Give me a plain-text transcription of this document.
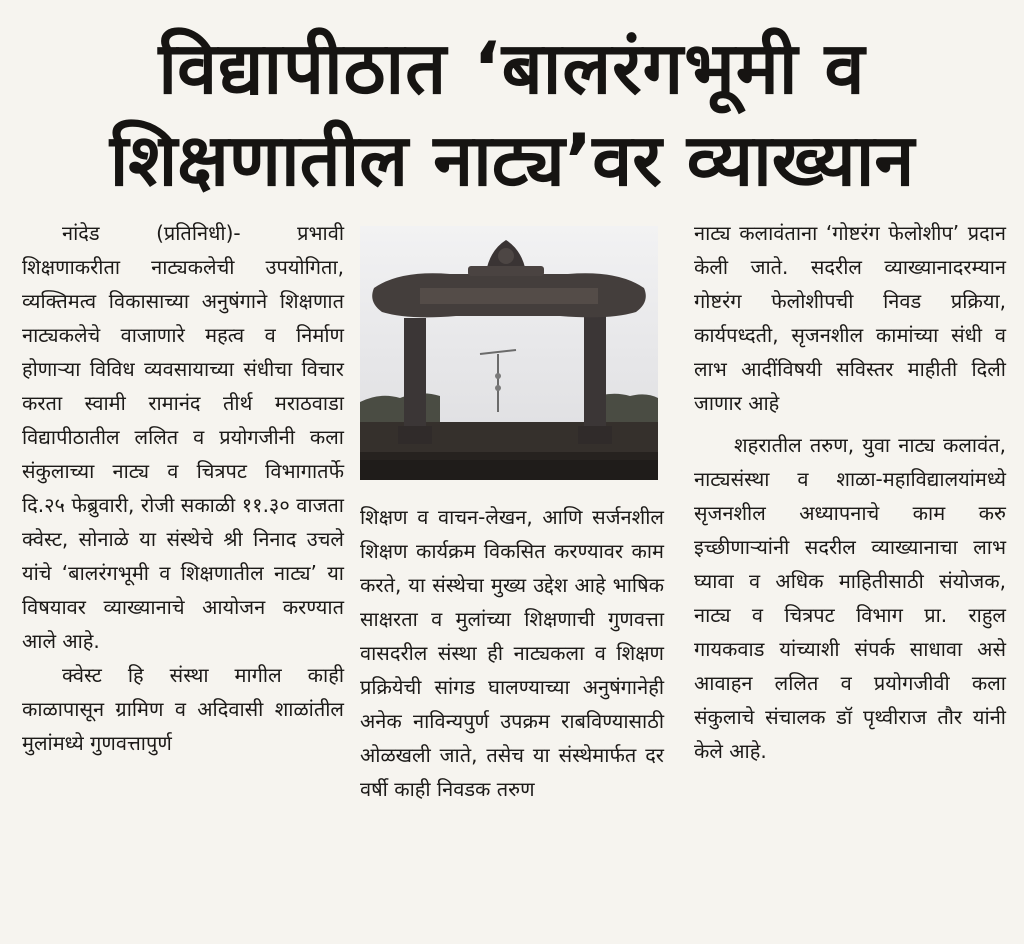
विद्यापीठात ‘बालरंगभूमी व
शिक्षणातील नाट्य’वर व्याख्यान

नांदेड (प्रतिनिधी)- प्रभावी शिक्षणाकरीता नाट्यकलेची उपयोगिता, व्यक्तिमत्व विकासाच्या अनुषंगाने शिक्षणात नाट्यकलेचे वाजाणारे महत्व व निर्माण होणाऱ्या विविध व्यवसायाच्या संधीचा विचार करता स्वामी रामानंद तीर्थ मराठवाडा विद्यापीठातील ललित व प्रयोगजीनी कला संकुलाच्या नाट्य व चित्रपट विभागातर्फे दि.२५ फेब्रुवारी, रोजी सकाळी ११.३० वाजता क्वेस्ट, सोनाळे या संस्थेचे श्री निनाद उचले यांचे ‘बालरंगभूमी व शिक्षणातील नाट्य’ या विषयावर व्याख्यानाचे आयोजन करण्यात आले आहे.

क्वेस्ट हि संस्था मागील काही काळापासून ग्रामिण व अदिवासी शाळांतील मुलांमध्ये गुणवत्तापुर्ण

शिक्षण व वाचन-लेखन, आणि सर्जनशील शिक्षण कार्यक्रम विकसित करण्यावर काम करते, या संस्थेचा मुख्य उद्देश आहे भाषिक साक्षरता व मुलांच्या शिक्षणाची गुणवत्ता वासदरील संस्था ही नाट्यकला व शिक्षण प्रक्रियेची सांगड घालण्याच्या अनुषंगानेही अनेक नाविन्यपुर्ण उपक्रम राबविण्यासाठी ओळखली जाते, तसेच या संस्थेमार्फत दर वर्षी काही निवडक तरुण

नाट्य कलावंताना ‘गोष्टरंग फेलोशीप’ प्रदान केली जाते. सदरील व्याख्यानादरम्यान गोष्टरंग फेलोशीपची निवड प्रक्रिया, कार्यपध्दती, सृजनशील कामांच्या संधी व लाभ आदींविषयी सविस्तर माहीती दिली जाणार आहे

शहरातील तरुण, युवा नाट्य कलावंत, नाट्यसंस्था व शाळा-महाविद्यालयांमध्ये सृजनशील अध्यापनाचे काम करु इच्छीणाऱ्यांनी सदरील व्याख्यानाचा लाभ घ्यावा व अधिक माहितीसाठी संयोजक, नाट्य व चित्रपट विभाग प्रा. राहुल गायकवाड यांच्याशी संपर्क साधावा असे आवाहन ललित व प्रयोगजीवी कला संकुलाचे संचालक डॉ पृथ्वीराज तौर यांनी केले आहे.
